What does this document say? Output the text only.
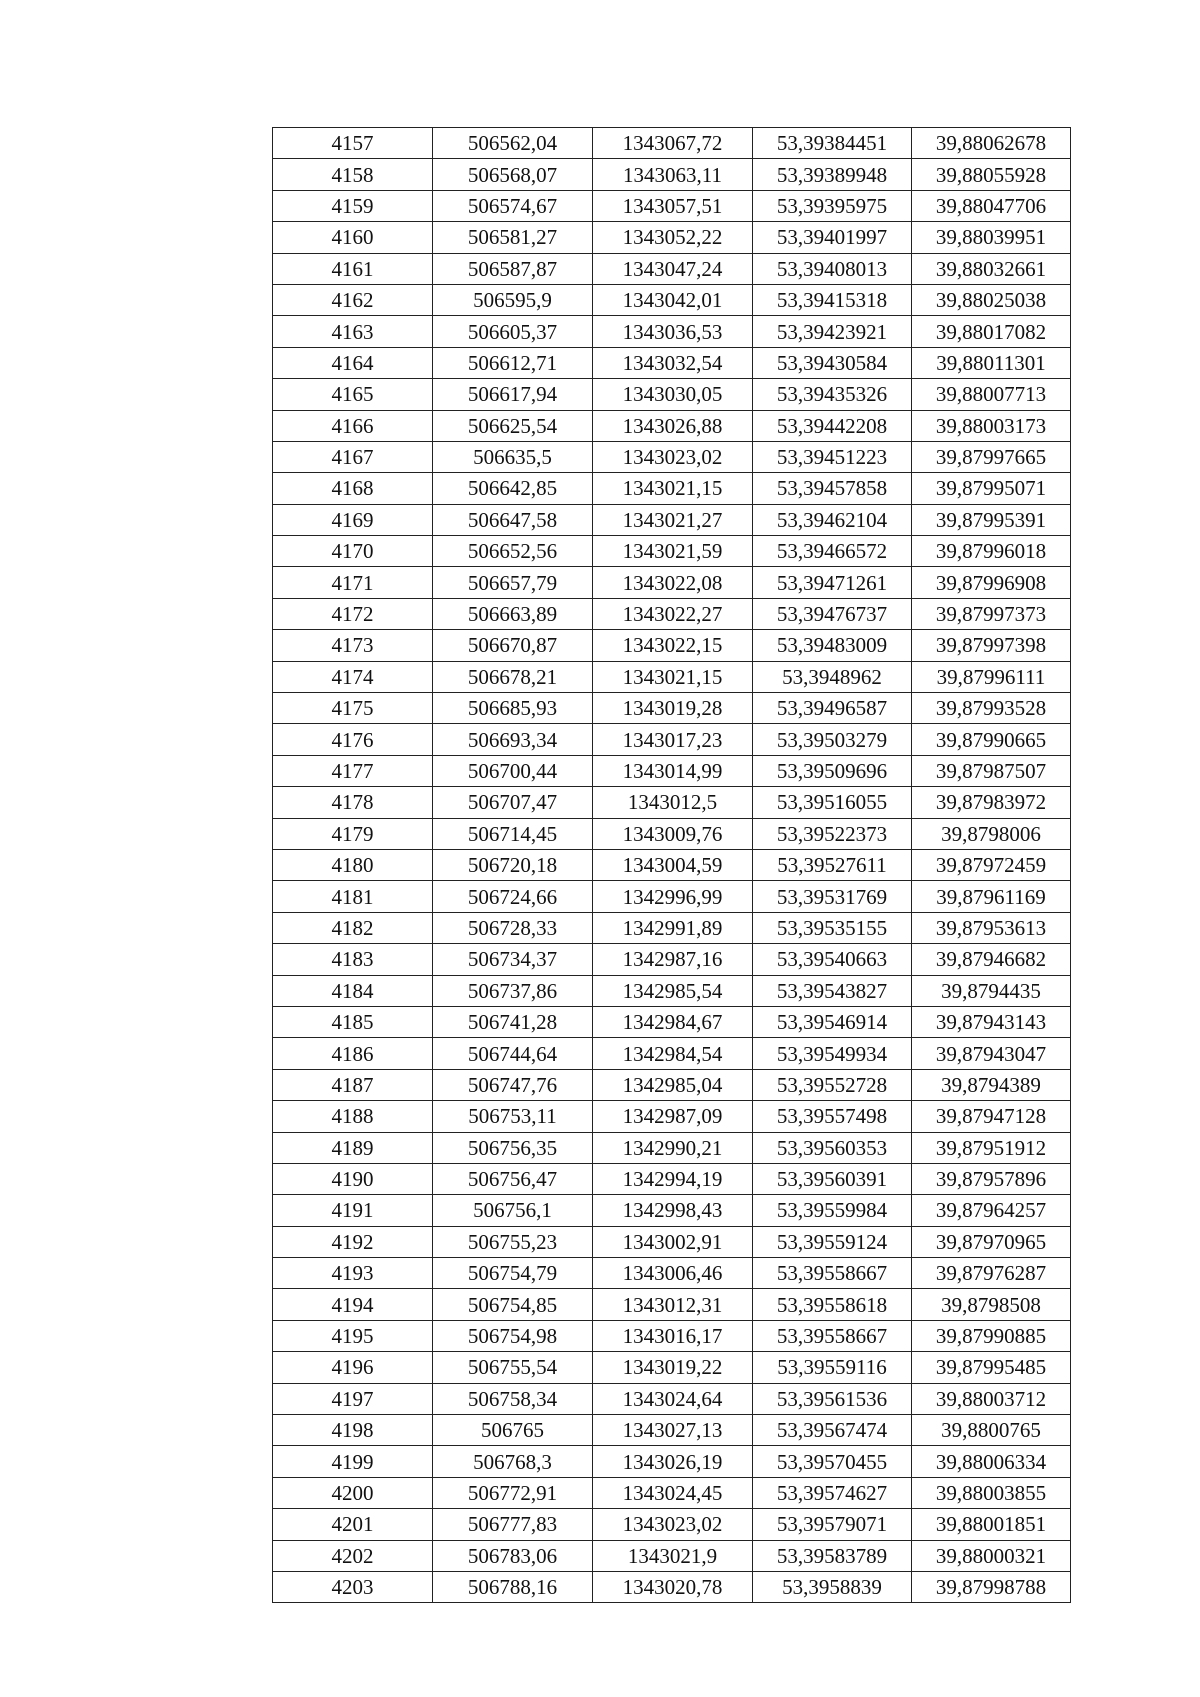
4157	506562,04	1343067,72	53,39384451	39,88062678
4158	506568,07	1343063,11	53,39389948	39,88055928
4159	506574,67	1343057,51	53,39395975	39,88047706
4160	506581,27	1343052,22	53,39401997	39,88039951
4161	506587,87	1343047,24	53,39408013	39,88032661
4162	506595,9	1343042,01	53,39415318	39,88025038
4163	506605,37	1343036,53	53,39423921	39,88017082
4164	506612,71	1343032,54	53,39430584	39,88011301
4165	506617,94	1343030,05	53,39435326	39,88007713
4166	506625,54	1343026,88	53,39442208	39,88003173
4167	506635,5	1343023,02	53,39451223	39,87997665
4168	506642,85	1343021,15	53,39457858	39,87995071
4169	506647,58	1343021,27	53,39462104	39,87995391
4170	506652,56	1343021,59	53,39466572	39,87996018
4171	506657,79	1343022,08	53,39471261	39,87996908
4172	506663,89	1343022,27	53,39476737	39,87997373
4173	506670,87	1343022,15	53,39483009	39,87997398
4174	506678,21	1343021,15	53,3948962	39,87996111
4175	506685,93	1343019,28	53,39496587	39,87993528
4176	506693,34	1343017,23	53,39503279	39,87990665
4177	506700,44	1343014,99	53,39509696	39,87987507
4178	506707,47	1343012,5	53,39516055	39,87983972
4179	506714,45	1343009,76	53,39522373	39,8798006
4180	506720,18	1343004,59	53,39527611	39,87972459
4181	506724,66	1342996,99	53,39531769	39,87961169
4182	506728,33	1342991,89	53,39535155	39,87953613
4183	506734,37	1342987,16	53,39540663	39,87946682
4184	506737,86	1342985,54	53,39543827	39,8794435
4185	506741,28	1342984,67	53,39546914	39,87943143
4186	506744,64	1342984,54	53,39549934	39,87943047
4187	506747,76	1342985,04	53,39552728	39,8794389
4188	506753,11	1342987,09	53,39557498	39,87947128
4189	506756,35	1342990,21	53,39560353	39,87951912
4190	506756,47	1342994,19	53,39560391	39,87957896
4191	506756,1	1342998,43	53,39559984	39,87964257
4192	506755,23	1343002,91	53,39559124	39,87970965
4193	506754,79	1343006,46	53,39558667	39,87976287
4194	506754,85	1343012,31	53,39558618	39,8798508
4195	506754,98	1343016,17	53,39558667	39,87990885
4196	506755,54	1343019,22	53,39559116	39,87995485
4197	506758,34	1343024,64	53,39561536	39,88003712
4198	506765	1343027,13	53,39567474	39,8800765
4199	506768,3	1343026,19	53,39570455	39,88006334
4200	506772,91	1343024,45	53,39574627	39,88003855
4201	506777,83	1343023,02	53,39579071	39,88001851
4202	506783,06	1343021,9	53,39583789	39,88000321
4203	506788,16	1343020,78	53,3958839	39,87998788
